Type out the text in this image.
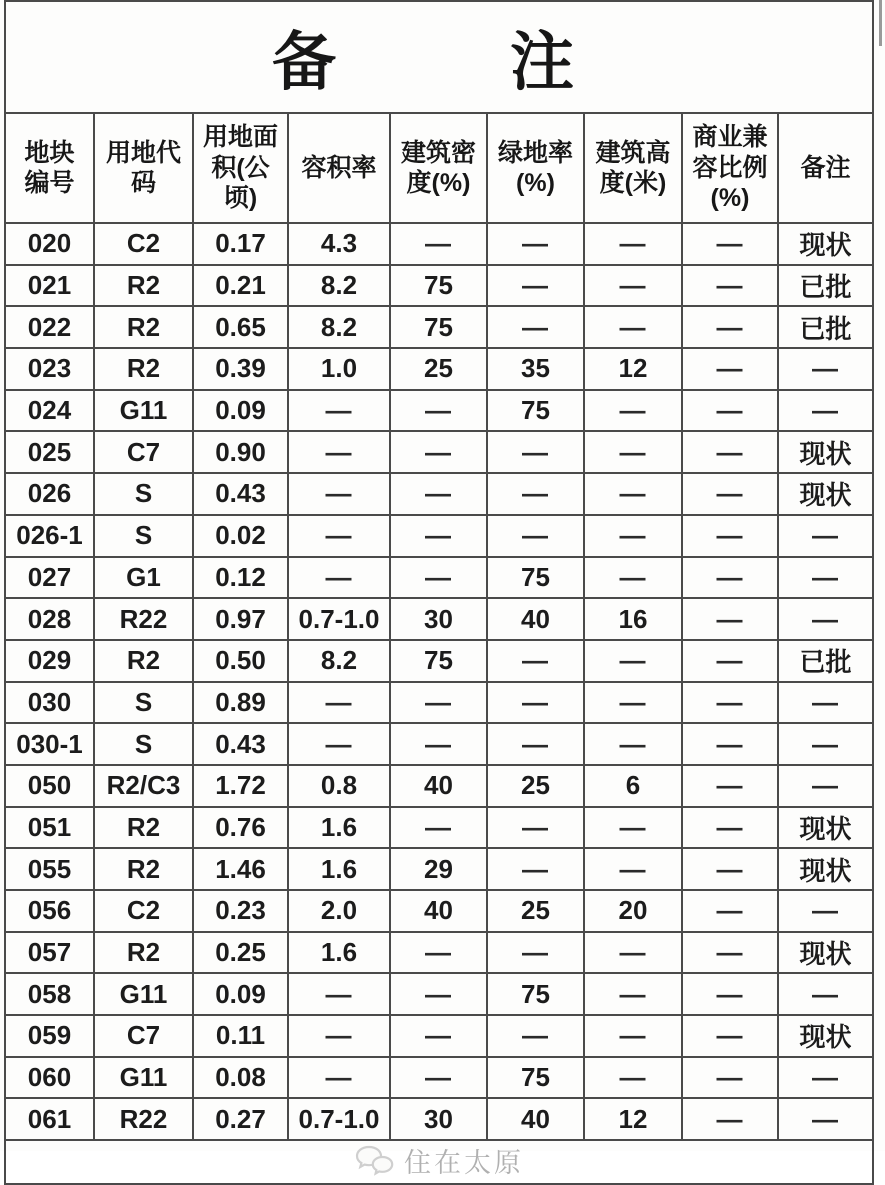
备 注								

地块编号	用地代码	用地面积(公顷)	容积率	建筑密度(%)	绿地率(%)	建筑高度(米)	商业兼容比例(%)	备注
020	C2	0.17	4.3	—	—	—	—	现状
021	R2	0.21	8.2	75	—	—	—	已批
022	R2	0.65	8.2	75	—	—	—	已批
023	R2	0.39	1.0	25	35	12	—	—
024	G11	0.09	—	—	75	—	—	—
025	C7	0.90	—	—	—	—	—	现状
026	S	0.43	—	—	—	—	—	现状
026-1	S	0.02	—	—	—	—	—	—
027	G1	0.12	—	—	75	—	—	—
028	R22	0.97	0.7-1.0	30	40	16	—	—
029	R2	0.50	8.2	75	—	—	—	已批
030	S	0.89	—	—	—	—	—	—
030-1	S	0.43	—	—	—	—	—	—
050	R2/C3	1.72	0.8	40	25	6	—	—
051	R2	0.76	1.6	—	—	—	—	现状
055	R2	1.46	1.6	29	—	—	—	现状
056	C2	0.23	2.0	40	25	20	—	—
057	R2	0.25	1.6	—	—	—	—	现状
058	G11	0.09	—	—	75	—	—	—
059	C7	0.11	—	—	—	—	—	现状
060	G11	0.08	—	—	75	—	—	—
061	R22	0.27	0.7-1.0	30	40	12	—	—

住在太原								
